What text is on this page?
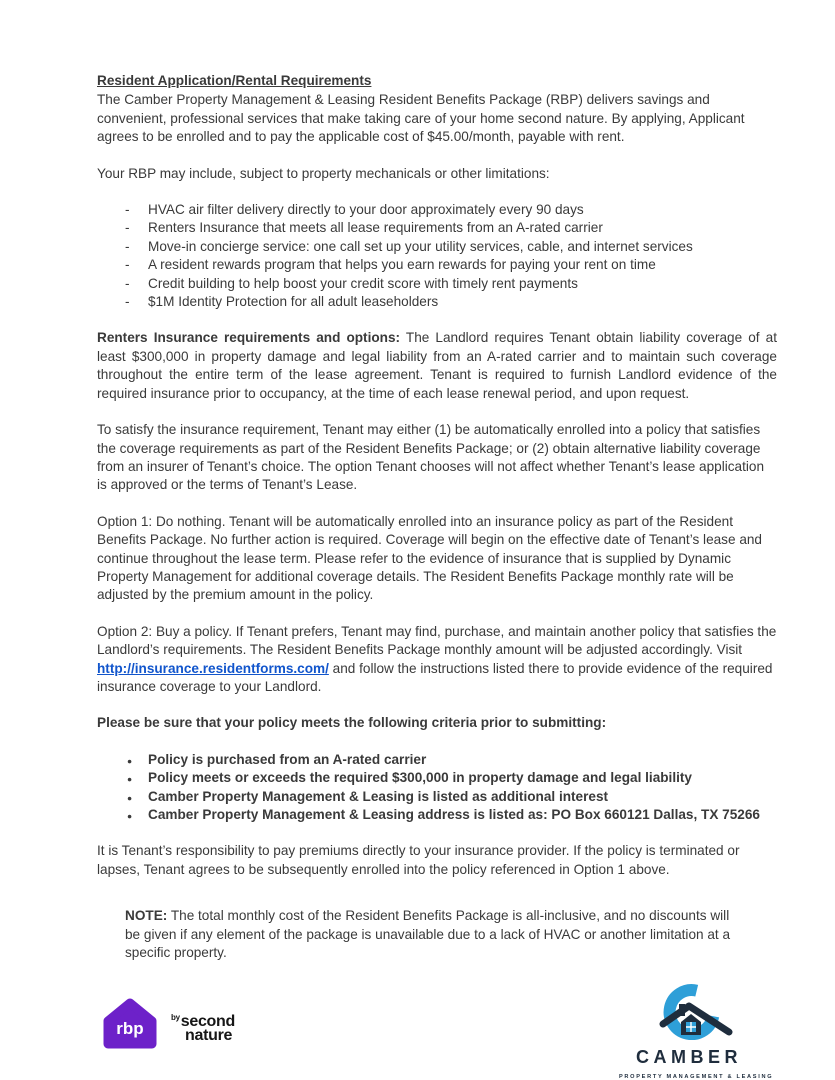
Resident Application/Rental Requirements

The Camber Property Management & Leasing Resident Benefits Package (RBP) delivers savings and convenient, professional services that make taking care of your home second nature. By applying, Applicant agrees to be enrolled and to pay the applicable cost of $45.00/month, payable with rent.

Your RBP may include, subject to property mechanicals or other limitations:

- HVAC air filter delivery directly to your door approximately every 90 days
- Renters Insurance that meets all lease requirements from an A-rated carrier
- Move-in concierge service: one call set up your utility services, cable, and internet services
- A resident rewards program that helps you earn rewards for paying your rent on time
- Credit building to help boost your credit score with timely rent payments
- $1M Identity Protection for all adult leaseholders

Renters Insurance requirements and options: The Landlord requires Tenant obtain liability coverage of at least $300,000 in property damage and legal liability from an A-rated carrier and to maintain such coverage throughout the entire term of the lease agreement. Tenant is required to furnish Landlord evidence of the required insurance prior to occupancy, at the time of each lease renewal period, and upon request.

To satisfy the insurance requirement, Tenant may either (1) be automatically enrolled into a policy that satisfies the coverage requirements as part of the Resident Benefits Package; or (2) obtain alternative liability coverage from an insurer of Tenant’s choice. The option Tenant chooses will not affect whether Tenant’s lease application is approved or the terms of Tenant’s Lease.

Option 1: Do nothing. Tenant will be automatically enrolled into an insurance policy as part of the Resident Benefits Package. No further action is required. Coverage will begin on the effective date of Tenant’s lease and continue throughout the lease term. Please refer to the evidence of insurance that is supplied by Dynamic Property Management for additional coverage details. The Resident Benefits Package monthly rate will be adjusted by the premium amount in the policy.

Option 2: Buy a policy. If Tenant prefers, Tenant may find, purchase, and maintain another policy that satisfies the Landlord’s requirements. The Resident Benefits Package monthly amount will be adjusted accordingly. Visit http://insurance.residentforms.com/ and follow the instructions listed there to provide evidence of the required insurance coverage to your Landlord.

Please be sure that your policy meets the following criteria prior to submitting:

● Policy is purchased from an A-rated carrier
● Policy meets or exceeds the required $300,000 in property damage and legal liability
● Camber Property Management & Leasing is listed as additional interest
● Camber Property Management & Leasing address is listed as: PO Box 660121 Dallas, TX 75266

It is Tenant’s responsibility to pay premiums directly to your insurance provider. If the policy is terminated or lapses, Tenant agrees to be subsequently enrolled into the policy referenced in Option 1 above.

NOTE: The total monthly cost of the Resident Benefits Package is all-inclusive, and no discounts will be given if any element of the package is unavailable due to a lack of HVAC or another limitation at a specific property.

rbp
$^{by}$second
nature
CAMBER
PROPERTY MANAGEMENT & LEASING
